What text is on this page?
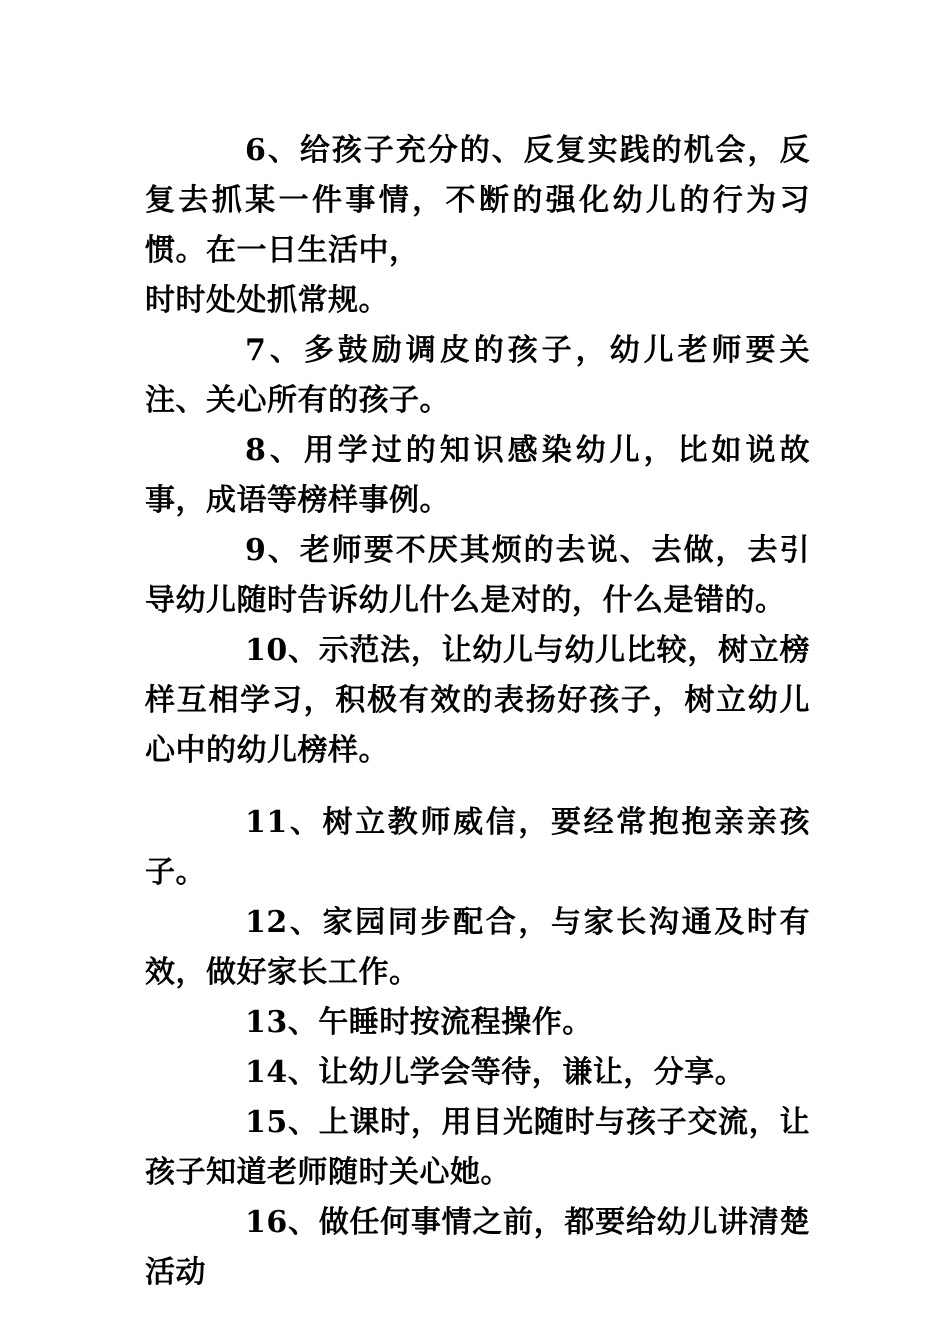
6、给孩子充分的、反复实践的机会，反复去抓某一件事情，不断的强化幼儿的行为习惯。在一日生活中，

时时处处抓常规。

7、多鼓励调皮的孩子，幼儿老师要关注、关心所有的孩子。

8、用学过的知识感染幼儿，比如说故事，成语等榜样事例。

9、老师要不厌其烦的去说、去做，去引导幼儿随时告诉幼儿什么是对的，什么是错的。

10、示范法，让幼儿与幼儿比较，树立榜样互相学习，积极有效的表扬好孩子，树立幼儿心中的幼儿榜样。

11、树立教师威信，要经常抱抱亲亲孩子。

12、家园同步配合，与家长沟通及时有效，做好家长工作。

13、午睡时按流程操作。

14、让幼儿学会等待，谦让，分享。

15、上课时，用目光随时与孩子交流，让孩子知道老师随时关心她。

16、做任何事情之前，都要给幼儿讲清楚活动
